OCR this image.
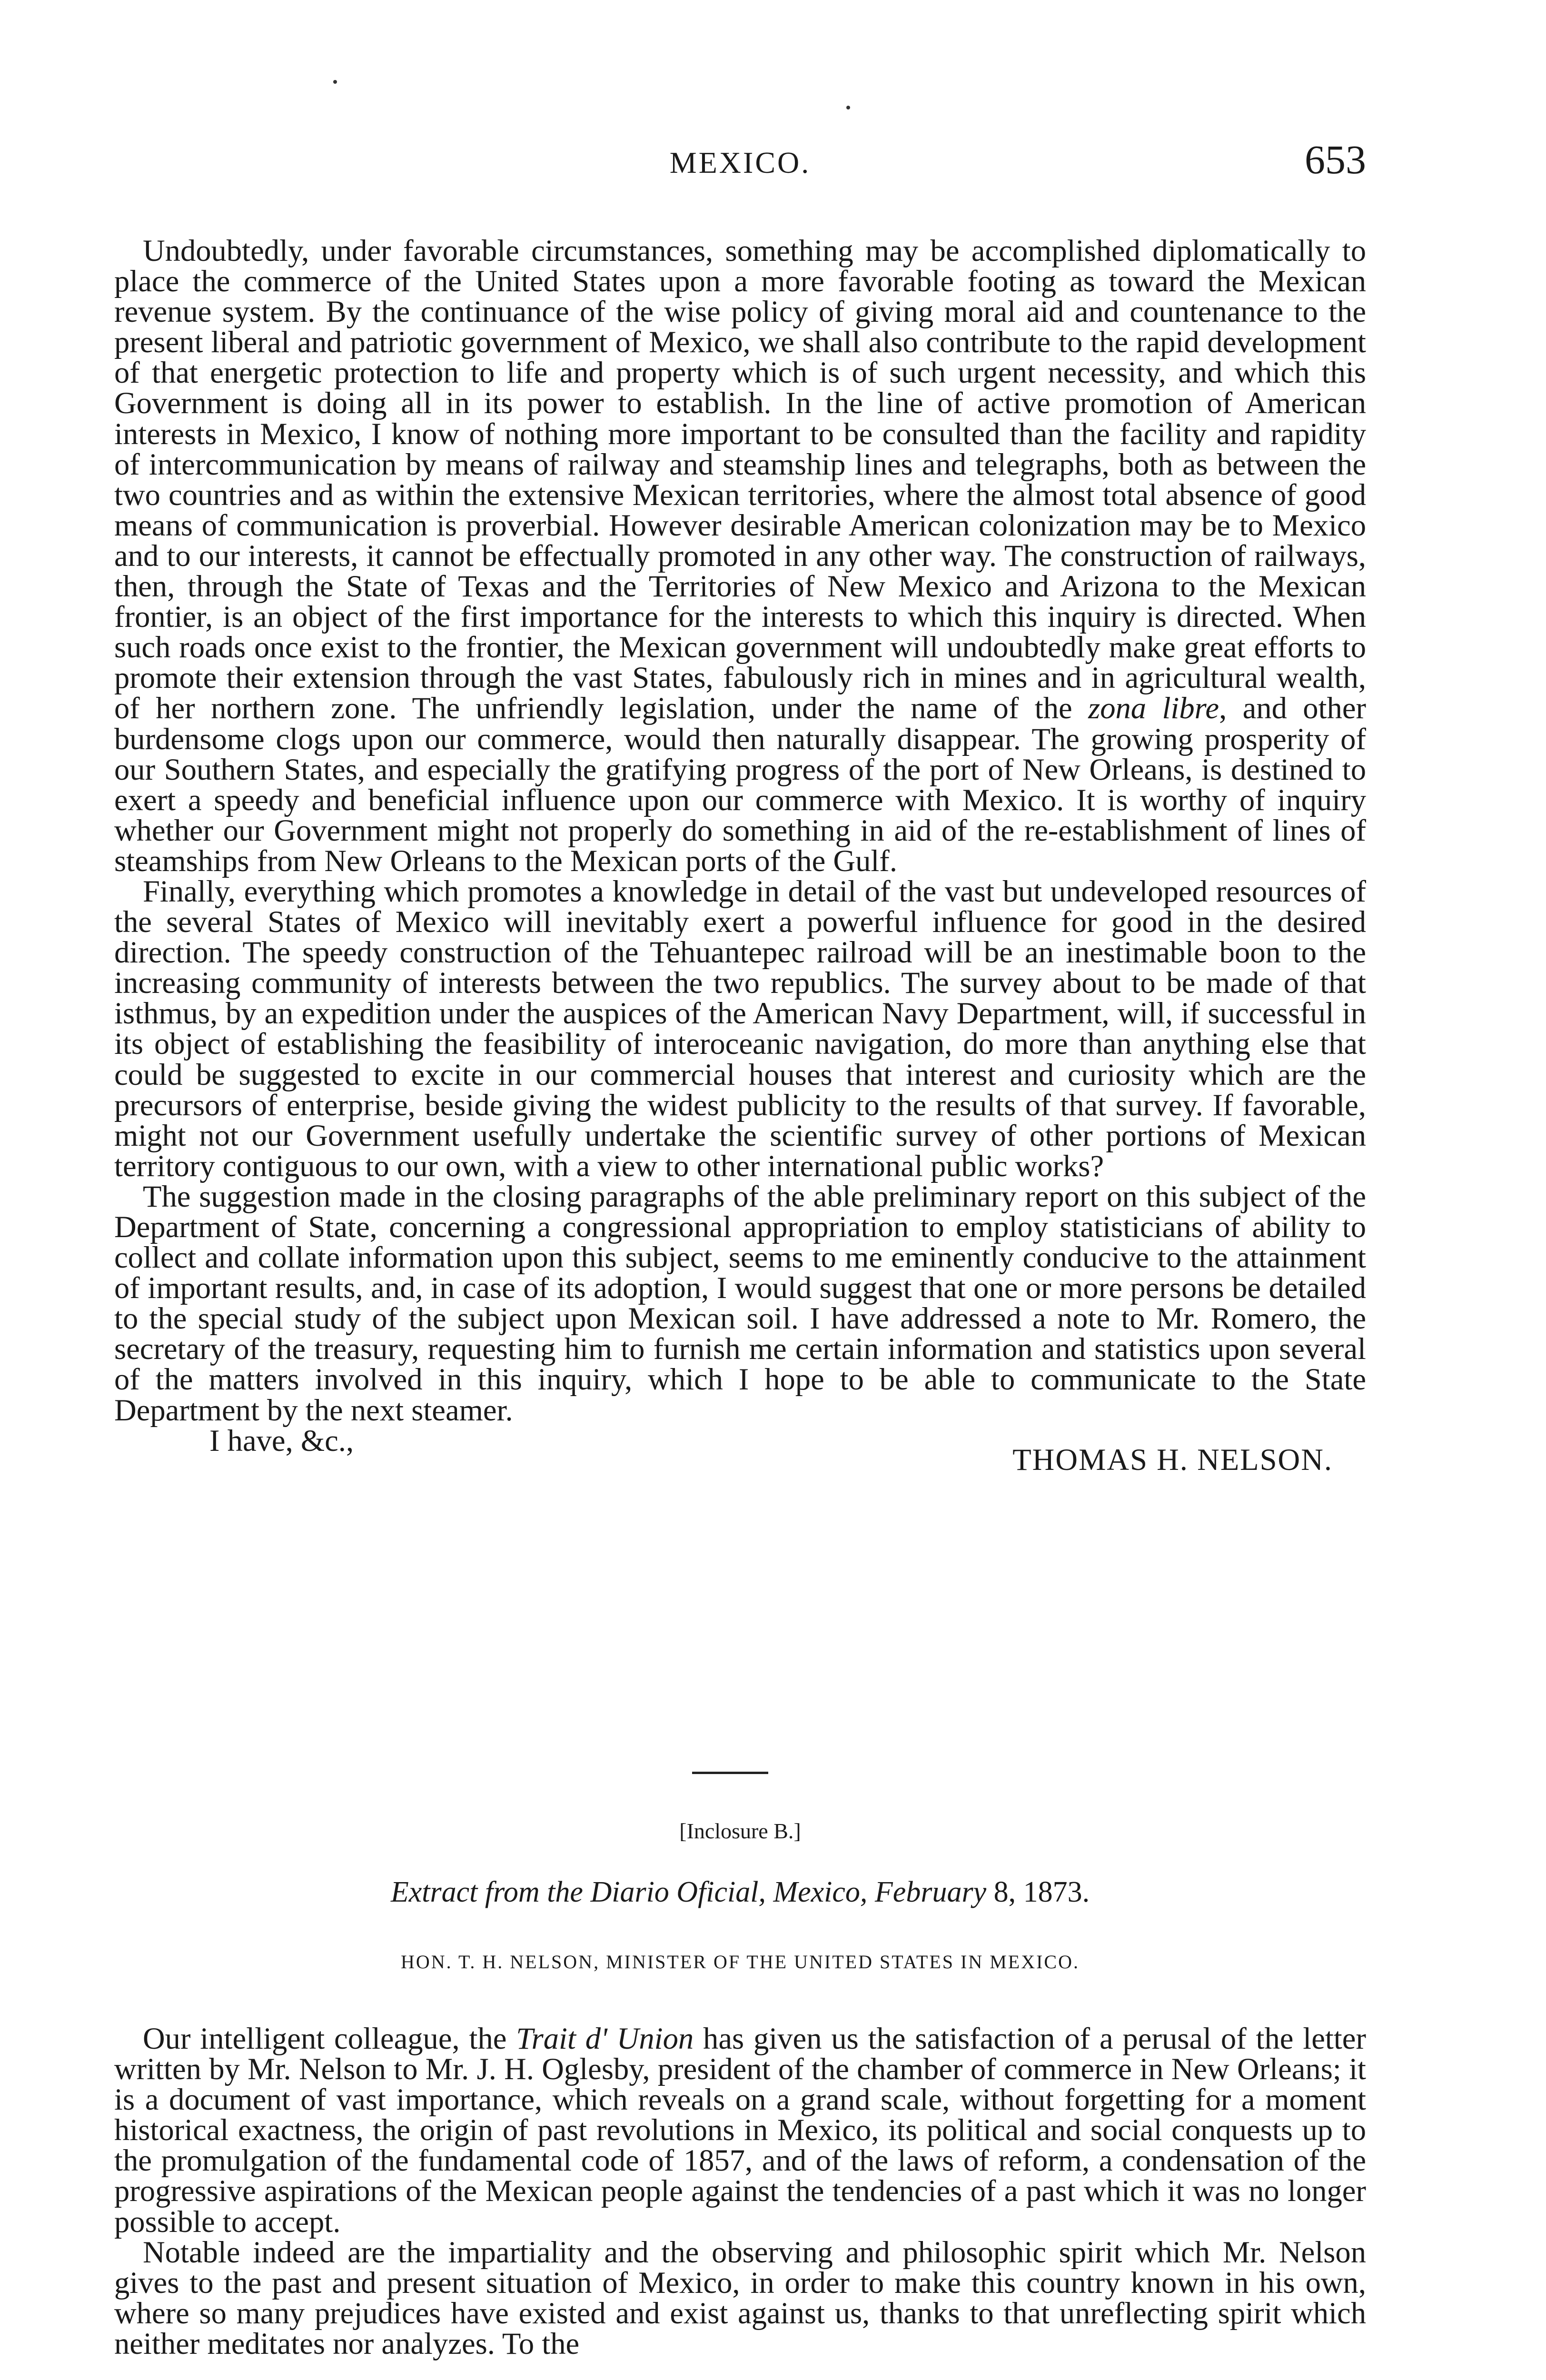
MEXICO.	653

Undoubtedly, under favorable circumstances, something may be accomplished diplomatically to place the commerce of the United States upon a more favorable footing as toward the Mexican revenue system. By the continuance of the wise policy of giving moral aid and countenance to the present liberal and patriotic government of Mexico, we shall also contribute to the rapid development of that energetic protection to life and property which is of such urgent necessity, and which this Government is doing all in its power to establish. In the line of active promotion of American interests in Mexico, I know of nothing more important to be consulted than the facility and rapidity of intercommunication by means of railway and steamship lines and telegraphs, both as between the two countries and as within the extensive Mexican territories, where the almost total absence of good means of communication is proverbial. However desirable American colonization may be to Mexico and to our interests, it cannot be effectually promoted in any other way. The construction of railways, then, through the State of Texas and the Territories of New Mexico and Arizona to the Mexican frontier, is an object of the first importance for the interests to which this inquiry is directed. When such roads once exist to the frontier, the Mexican government will undoubtedly make great efforts to promote their extension through the vast States, fabulously rich in mines and in agricultural wealth, of her northern zone. The unfriendly legislation, under the name of the zona libre, and other burdensome clogs upon our commerce, would then naturally disappear. The growing prosperity of our Southern States, and especially the gratifying progress of the port of New Orleans, is destined to exert a speedy and beneficial influence upon our commerce with Mexico. It is worthy of inquiry whether our Government might not properly do something in aid of the re-establishment of lines of steamships from New Orleans to the Mexican ports of the Gulf.

Finally, everything which promotes a knowledge in detail of the vast but undeveloped resources of the several States of Mexico will inevitably exert a powerful influence for good in the desired direction. The speedy construction of the Tehuantepec railroad will be an inestimable boon to the increasing community of interests between the two republics. The survey about to be made of that isthmus, by an expedition under the auspices of the American Navy Department, will, if successful in its object of establishing the feasibility of interoceanic navigation, do more than anything else that could be suggested to excite in our commercial houses that interest and curiosity which are the precursors of enterprise, beside giving the widest publicity to the results of that survey. If favorable, might not our Government usefully undertake the scientific survey of other portions of Mexican territory contiguous to our own, with a view to other international public works?

The suggestion made in the closing paragraphs of the able preliminary report on this subject of the Department of State, concerning a congressional appropriation to employ statisticians of ability to collect and collate information upon this subject, seems to me eminently conducive to the attainment of important results, and, in case of its adoption, I would suggest that one or more persons be detailed to the special study of the subject upon Mexican soil. I have addressed a note to Mr. Romero, the secretary of the treasury, requesting him to furnish me certain information and statistics upon several of the matters involved in this inquiry, which I hope to be able to communicate to the State Department by the next steamer.

I have, &c.,
THOMAS H. NELSON.
[Inclosure B.]
Extract from the Diario Oficial, Mexico, February 8, 1873.
HON. T. H. NELSON, MINISTER OF THE UNITED STATES IN MEXICO.

Our intelligent colleague, the Trait d' Union has given us the satisfaction of a perusal of the letter written by Mr. Nelson to Mr. J. H. Oglesby, president of the chamber of commerce in New Orleans; it is a document of vast importance, which reveals on a grand scale, without forgetting for a moment historical exactness, the origin of past revolutions in Mexico, its political and social conquests up to the promulgation of the fundamental code of 1857, and of the laws of reform, a condensation of the progressive aspirations of the Mexican people against the tendencies of a past which it was no longer possible to accept.

Notable indeed are the impartiality and the observing and philosophic spirit which Mr. Nelson gives to the past and present situation of Mexico, in order to make this country known in his own, where so many prejudices have existed and exist against us, thanks to that unreflecting spirit which neither meditates nor analyzes. To the
